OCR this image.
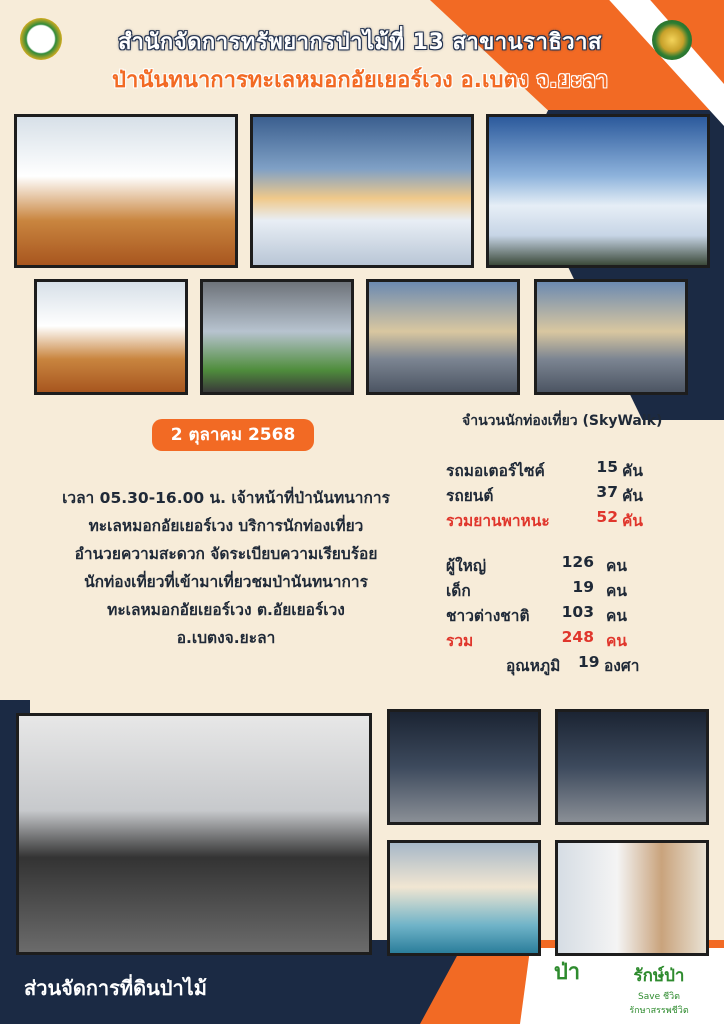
สำนักจัดการทรัพยากรป่าไม้ที่ 13 สาขานราธิวาส
ป่านันทนาการทะเลหมอกอัยเยอร์เวง อ.เบตง จ.ยะลา
2 ตุลาคม 2568
เวลา 05.30-16.00 น. เจ้าหน้าที่ป่านันทนาการ
ทะเลหมอกอัยเยอร์เวง บริการนักท่องเที่ยว
อำนวยความสะดวก จัดระเบียบความเรียบร้อย
นักท่องเที่ยวที่เข้ามาเที่ยวชมป่านันทนาการ
ทะเลหมอกอัยเยอร์เวง ต.อัยเยอร์เวง
อ.เบตงจ.ยะลา
จำนวนนักท่องเที่ยว (SkyWalk)
รถมอเตอร์ไซค์	15 คัน
รถยนต์	37 คัน
รวมยานพาหนะ	52 คัน
ผู้ใหญ่	126 คน
เด็ก	19 คน
ชาวต่างชาติ 103 คน
รวม	248 คน
อุณหภูมิ 19 องศา
ส่วนจัดการที่ดินป่าไม้
ป่า	รักษ์ป่า
Save ชีวิต
รักษาสรรพชีวิต
